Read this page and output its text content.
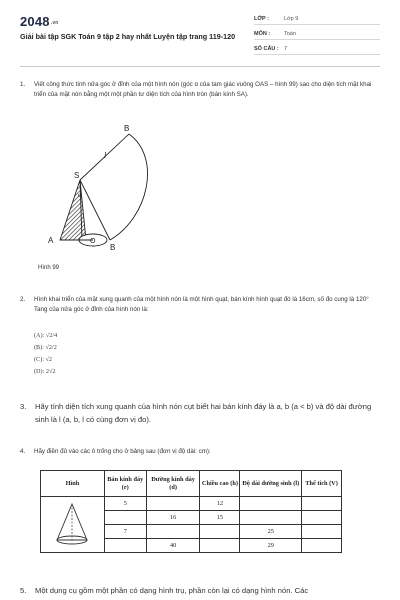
2048.vn
Giải bài tập SGK Toán 9 tập 2 hay nhất Luyện tập trang 119-120
LỚP :	Lớp 9
MÔN :	Toán
SỐ CÂU : 7
1. Viết công thức tính nửa góc ở đỉnh của một hình nón (góc α của tam giác vuông OAS – hình 99) sao cho diện tích mặt khai triển của mặt nón bằng một một phần tư diện tích của hình tròn (bán kính SA).
B
l
S
α
A	O
B
Hình 99
2. Hình khai triển của mặt xung quanh của một hình nón là một hình quạt, bán kính hình quạt đó là 16cm, số đo cung là 120° Tang của nửa góc ở đỉnh của hình nón là:
(A): √2/4
(B): √2/2
(C): √2
(D): 2√2
3. Hãy tính diện tích xung quanh của hình nón cụt biết hai bán kính đáy là a, b (a < b) và độ dài đường sinh là l (a, b, l có cùng đơn vị đo).
4. Hãy điền đủ vào các ô trống cho ở bảng sau (đơn vị độ dài: cm):
Hình	Bán kính đáy (r)	Đường kính đáy (d)	Chiều cao (h)	Độ dài đường sinh (l)	Thể tích (V)
	5		12		
		16	15		
	7			25	
		40		29	
5. Một dụng cụ gồm một phần có dạng hình trụ, phần còn lại có dạng hình nón. Các
